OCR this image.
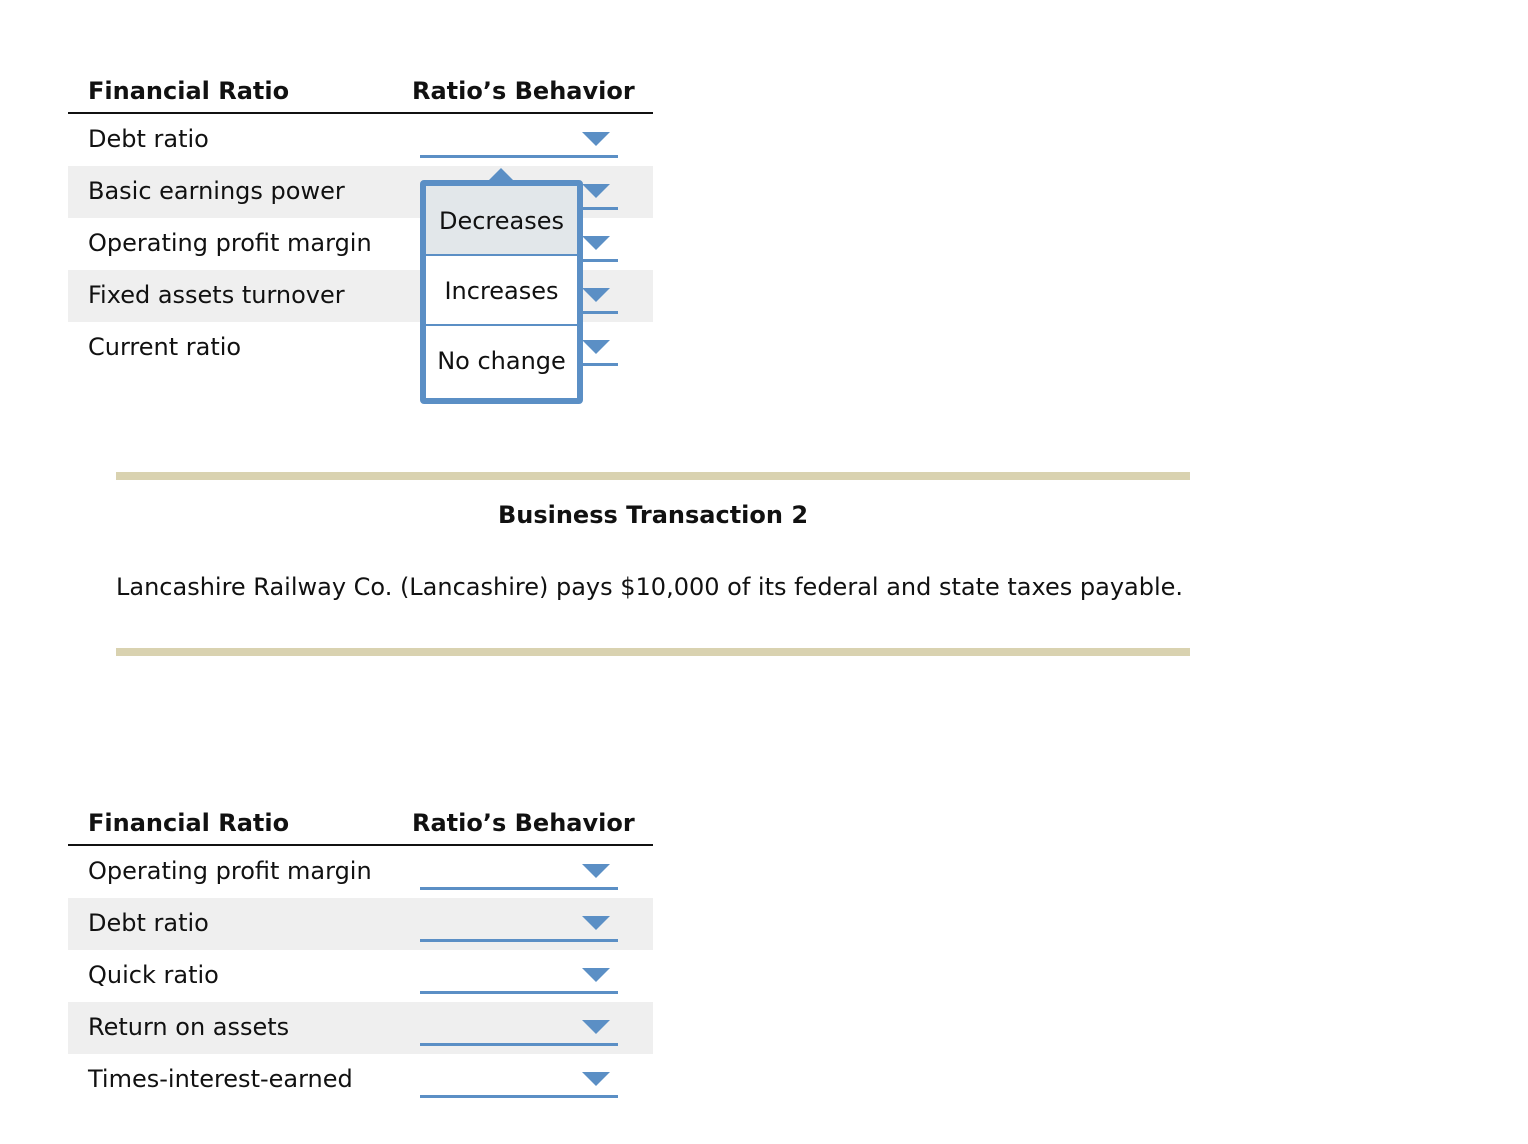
Financial Ratio	Ratio’s Behavior
Debt ratio
Basic earnings power
Operating profit margin
Fixed assets turnover
Current ratio
Decreases
Increases
No change
Business Transaction 2
Lancashire Railway Co. (Lancashire) pays $10,000 of its federal and state taxes payable.
Financial Ratio	Ratio’s Behavior
Operating profit margin
Debt ratio
Quick ratio
Return on assets
Times-interest-earned
